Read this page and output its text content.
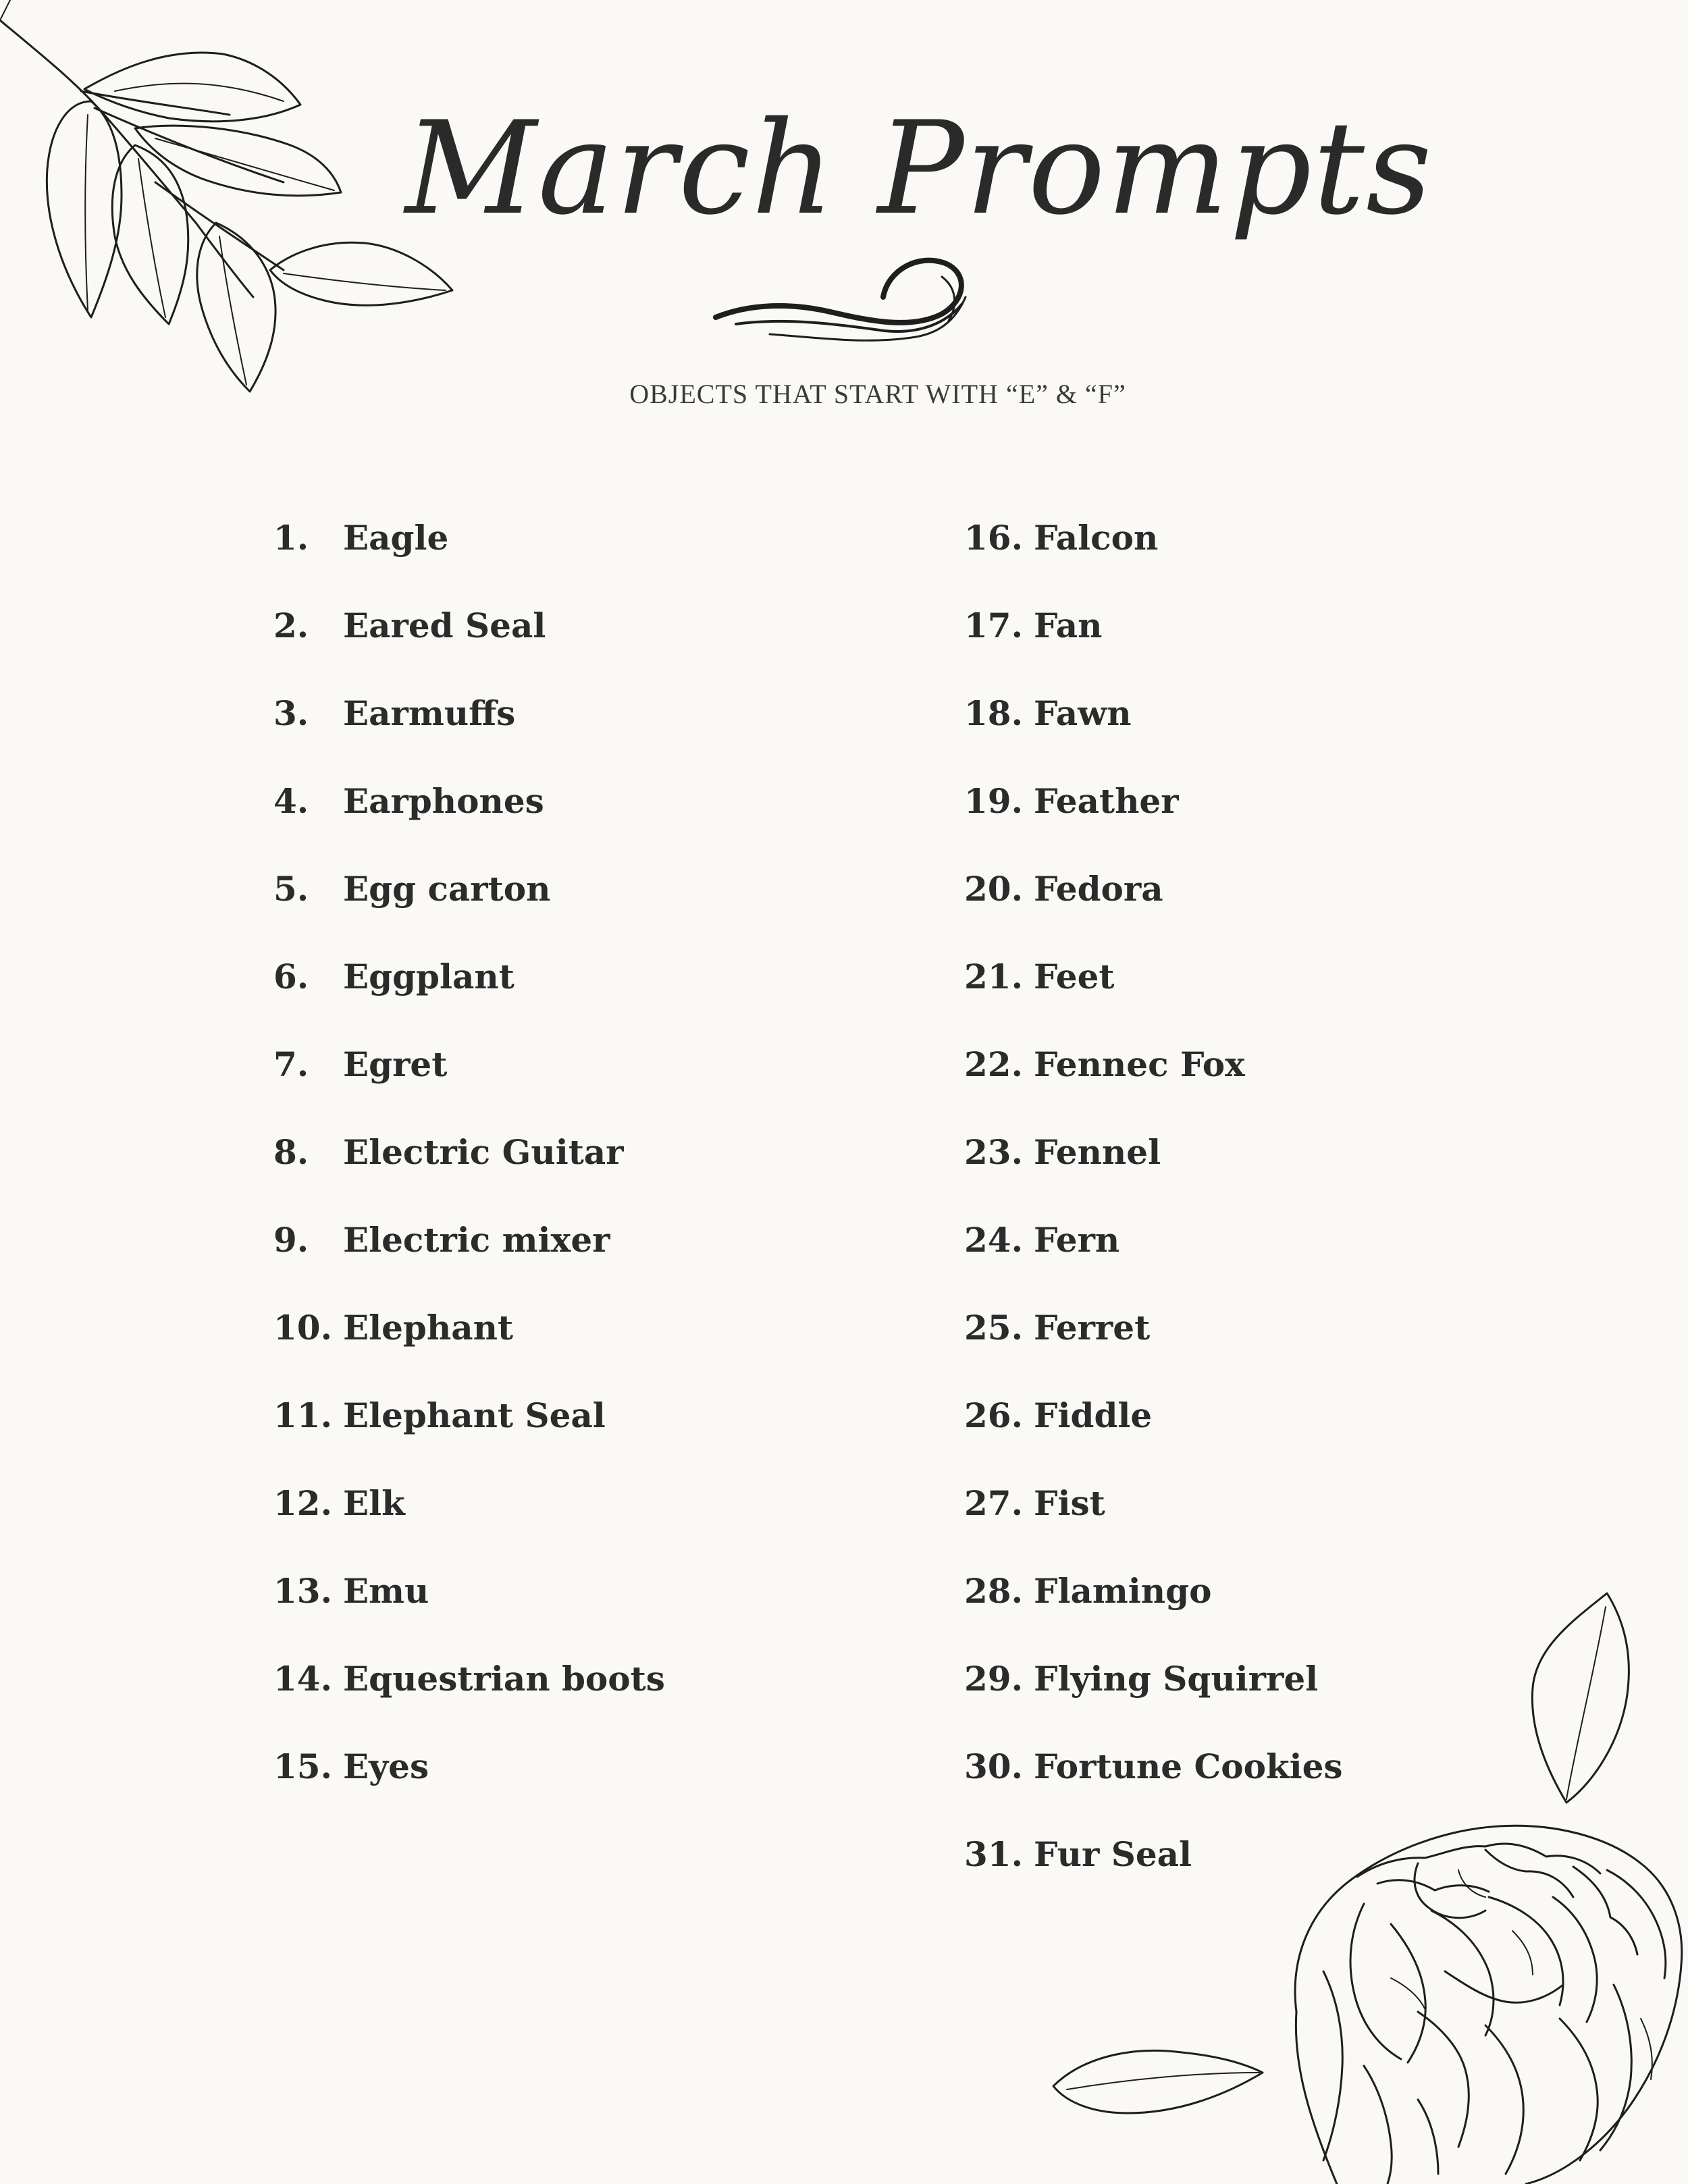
March Prompts
OBJECTS THAT START WITH “E” & “F”
1.	Eagle
2.	Eared Seal
3.	Earmuffs
4.	Earphones
5.	Egg carton
6.	Eggplant
7.	Egret
8.	Electric Guitar
9.	Electric mixer
10. Elephant
11. Elephant Seal
12. Elk
13. Emu
14. Equestrian boots
15. Eyes
16. Falcon
17. Fan
18. Fawn
19. Feather
20. Fedora
21. Feet
22. Fennec Fox
23. Fennel
24. Fern
25. Ferret
26. Fiddle
27. Fist
28. Flamingo
29. Flying Squirrel
30. Fortune Cookies
31. Fur Seal
